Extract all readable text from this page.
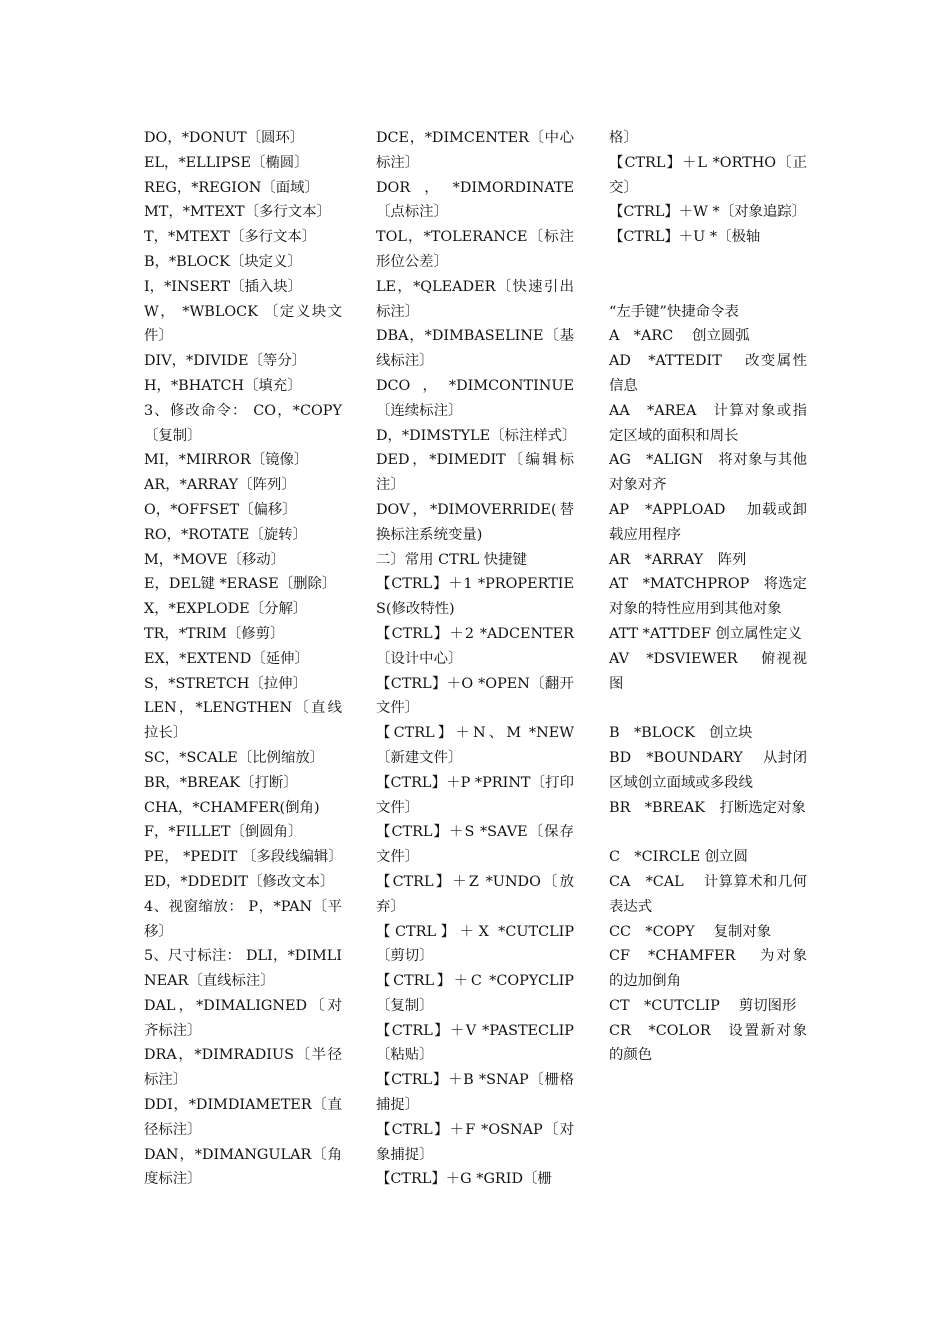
DO，*DONUT〔圆环〕

EL，*ELLIPSE〔椭圆〕

REG，*REGION〔面域〕

MT，*MTEXT〔多行文本〕

T，*MTEXT〔多行文本〕

B，*BLOCK〔块定义〕

I，*INSERT〔插入块〕

W， *WBLOCK 〔定义块文件〕

DIV，*DIVIDE〔等分〕

H，*BHATCH〔填充〕

3、修改命令： CO，*COPY〔复制〕

MI，*MIRROR〔镜像〕

AR，*ARRAY〔阵列〕

O，*OFFSET〔偏移〕

RO，*ROTATE〔旋转〕

M，*MOVE〔移动〕

E，DEL键 *ERASE〔删除〕

X，*EXPLODE〔分解〕

TR，*TRIM〔修剪〕

EX，*EXTEND〔延伸〕

S，*STRETCH〔拉伸〕

LEN，*LENGTHEN〔直线拉长〕

SC，*SCALE〔比例缩放〕

BR，*BREAK〔打断〕

CHA，*CHAMFER(倒角)

F，*FILLET〔倒圆角〕

PE， *PEDIT 〔多段线编辑〕

ED，*DDEDIT〔修改文本〕

4、视窗缩放： P，*PAN〔平移〕

5、尺寸标注： DLI，*DIMLINEAR〔直线标注〕

DAL，*DIMALIGNED〔对齐标注〕

DRA，*DIMRADIUS〔半径标注〕

DDI，*DIMDIAMETER〔直径标注〕

DAN，*DIMANGULAR〔角度标注〕

DCE，*DIMCENTER〔中心标注〕

DOR，*DIMORDINATE〔点标注〕

TOL，*TOLERANCE〔标注形位公差〕

LE，*QLEADER〔快速引出标注〕

DBA，*DIMBASELINE〔基线标注〕

DCO，*DIMCONTINUE〔连续标注〕

D，*DIMSTYLE〔标注样式〕

DED，*DIMEDIT〔编辑标注〕

DOV，*DIMOVERRIDE(替换标注系统变量)

二〕常用 CTRL 快捷键

【CTRL】＋1 *PROPERTIES(修改特性)

【CTRL】＋2 *ADCENTER〔设计中心〕

【CTRL】＋O *OPEN〔翻开文件〕

【CTRL】＋N、M *NEW〔新建文件〕

【CTRL】＋P *PRINT〔打印文件〕

【CTRL】＋S *SAVE〔保存文件〕

【CTRL】＋Z *UNDO〔放弃〕

【CTRL】＋X *CUTCLIP〔剪切〕

【CTRL】＋C *COPYCLIP〔复制〕

【CTRL】＋V *PASTECLIP〔粘贴〕

【CTRL】＋B *SNAP〔栅格捕捉〕

【CTRL】＋F *OSNAP〔对象捕捉〕

【CTRL】＋G *GRID〔栅

格〕

【CTRL】＋L *ORTHO〔正交〕

【CTRL】＋W *〔对象追踪〕

【CTRL】＋U *〔极轴

“左手键”快捷命令表

A　*ARC　 创立圆弧

AD　*ATTEDIT　 改变属性信息

AA　*AREA　计算对象或指定区域的面积和周长

AG　*ALIGN　将对象与其他对象对齐

AP　*APPLOAD　 加载或卸载应用程序

AR　*ARRAY　阵列

AT　*MATCHPROP　将选定对象的特性应用到其他对象

ATT *ATTDEF 创立属性定义

AV　*DSVIEWER　 俯视视图

B　*BLOCK　创立块

BD　*BOUNDARY　 从封闭区域创立面域或多段线

BR　*BREAK　打断选定对象

C　*CIRCLE 创立圆

CA　*CAL　 计算算术和几何表达式

CC　*COPY　 复制对象

CF　*CHAMFER　 为对象的边加倒角

CT　*CUTCLIP　 剪切图形

CR　*COLOR　设置新对象的颜色
